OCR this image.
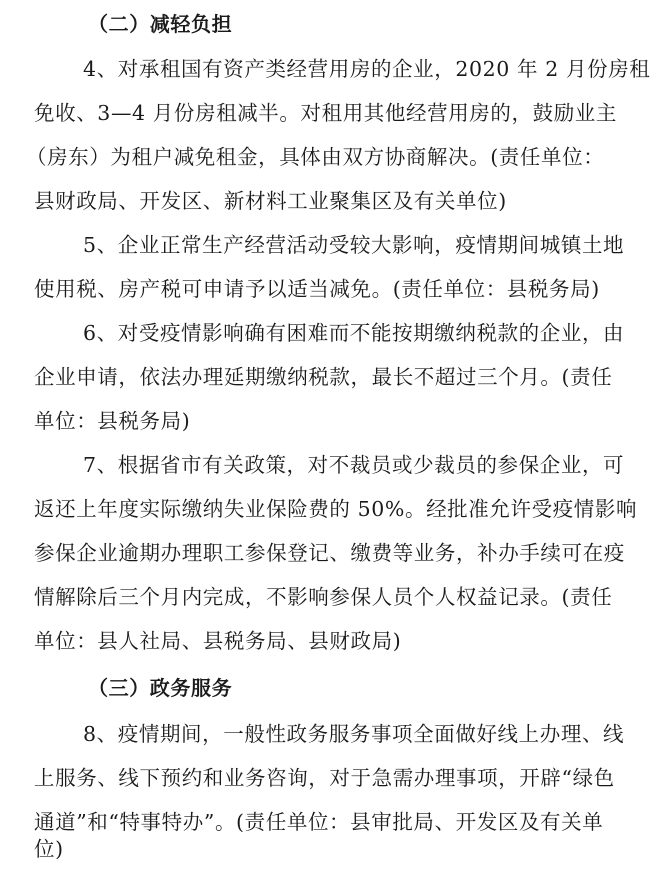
（二）减轻负担
4、对承租国有资产类经营用房的企业，2020 年 2 月份房租
免收、3—4 月份房租减半。对租用其他经营用房的，鼓励业主
（房东）为租户减免租金，具体由双方协商解决。(责任单位：
县财政局、开发区、新材料工业聚集区及有关单位)
5、企业正常生产经营活动受较大影响，疫情期间城镇土地
使用税、房产税可申请予以适当减免。(责任单位：县税务局)
6、对受疫情影响确有困难而不能按期缴纳税款的企业，由
企业申请，依法办理延期缴纳税款，最长不超过三个月。(责任
单位：县税务局)
7、根据省市有关政策，对不裁员或少裁员的参保企业，可
返还上年度实际缴纳失业保险费的 50%。经批准允许受疫情影响
参保企业逾期办理职工参保登记、缴费等业务，补办手续可在疫
情解除后三个月内完成，不影响参保人员个人权益记录。(责任
单位：县人社局、县税务局、县财政局)
（三）政务服务
8、疫情期间，一般性政务服务事项全面做好线上办理、线
上服务、线下预约和业务咨询，对于急需办理事项，开辟“绿色
通道”和“特事特办”。(责任单位：县审批局、开发区及有关单
位)
